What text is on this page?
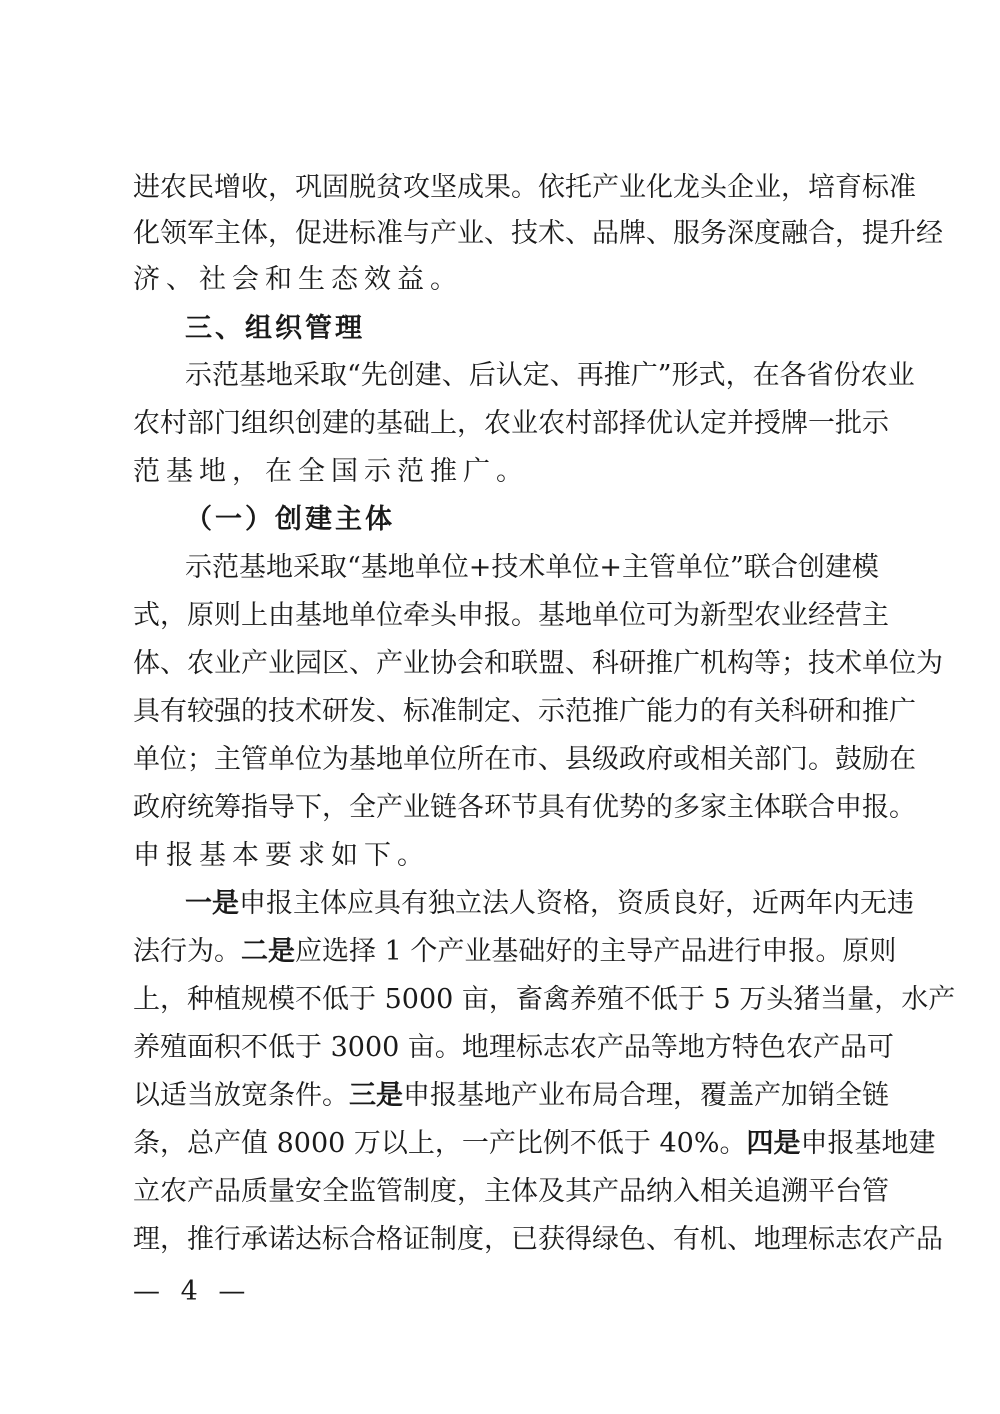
进农民增收，巩固脱贫攻坚成果。依托产业化龙头企业，培育标准
化领军主体，促进标准与产业、技术、品牌、服务深度融合，提升经
济、社会和生态效益。
三、组织管理
示范基地采取“先创建、后认定、再推广”形式，在各省份农业
农村部门组织创建的基础上，农业农村部择优认定并授牌一批示
范基地，在全国示范推广。
（一）创建主体
示范基地采取“基地单位+技术单位+主管单位”联合创建模
式，原则上由基地单位牵头申报。基地单位可为新型农业经营主
体、农业产业园区、产业协会和联盟、科研推广机构等；技术单位为
具有较强的技术研发、标准制定、示范推广能力的有关科研和推广
单位；主管单位为基地单位所在市、县级政府或相关部门。鼓励在
政府统筹指导下，全产业链各环节具有优势的多家主体联合申报。
申报基本要求如下。
一是申报主体应具有独立法人资格，资质良好，近两年内无违
法行为。二是应选择 1 个产业基础好的主导产品进行申报。原则
上，种植规模不低于 5000 亩，畜禽养殖不低于 5 万头猪当量，水产
养殖面积不低于 3000 亩。地理标志农产品等地方特色农产品可
以适当放宽条件。三是申报基地产业布局合理，覆盖产加销全链
条，总产值 8000 万以上，一产比例不低于 40%。四是申报基地建
立农产品质量安全监管制度，主体及其产品纳入相关追溯平台管
理，推行承诺达标合格证制度，已获得绿色、有机、地理标志农产品
— 4 —
